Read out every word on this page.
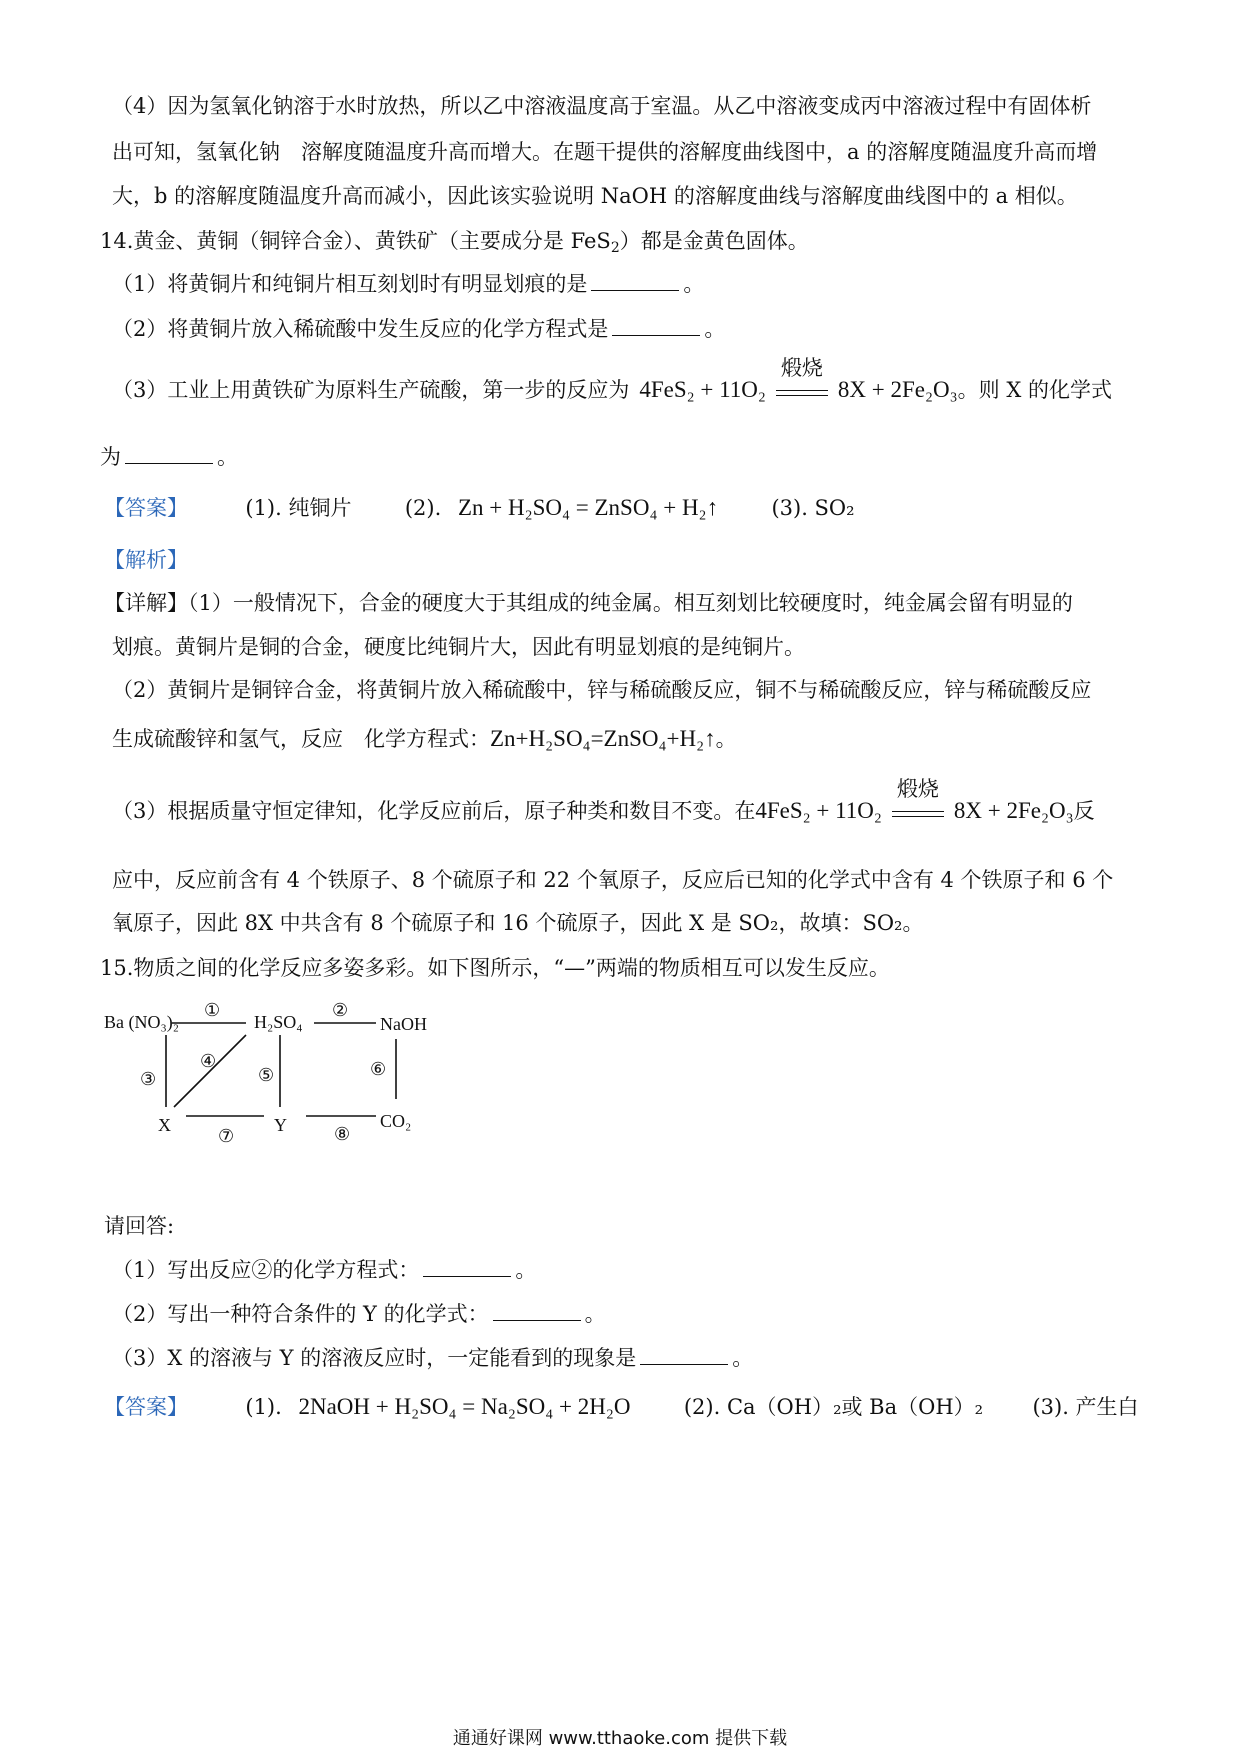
（4）因为氢氧化钠溶于水时放热，所以乙中溶液温度高于室温。从乙中溶液变成丙中溶液过程中有固体析
出可知，氢氧化钠　溶解度随温度升高而增大。在题干提供的溶解度曲线图中，a 的溶解度随温度升高而增
大，b 的溶解度随温度升高而减小，因此该实验说明 NaOH 的溶解度曲线与溶解度曲线图中的 a 相似。
14.黄金、黄铜（铜锌合金）、黄铁矿（主要成分是 FeS$_2$）都是金黄色固体。
（1）将黄铜片和纯铜片相互刻划时有明显划痕的是	。
（2）将黄铜片放入稀硫酸中发生反应的化学方程式是	。
（3）工业上用黄铁矿为原料生产硫酸，第一步的反应为 4FeS₂ + 11O₂
煅烧
8X + 2Fe₂O₃。则 X 的化学式
为	。
【答案】	(1). 纯铜片	(2). Zn + H₂SO₄ = ZnSO₄ + H₂↑	(3). SO₂
【解析】
【详解】（1）一般情况下，合金的硬度大于其组成的纯金属。相互刻划比较硬度时，纯金属会留有明显的
划痕。黄铜片是铜的合金，硬度比纯铜片大，因此有明显划痕的是纯铜片。
（2）黄铜片是铜锌合金，将黄铜片放入稀硫酸中，锌与稀硫酸反应，铜不与稀硫酸反应，锌与稀硫酸反应
生成硫酸锌和氢气，反应　化学方程式：Zn+H₂SO₄=ZnSO₄+H₂↑。
（3）根据质量守恒定律知，化学反应前后，原子种类和数目不变。在4FeS₂ + 11O₂
煅烧
8X + 2Fe₂O₃反
应中，反应前含有 4 个铁原子、8 个硫原子和 22 个氧原子，反应后已知的化学式中含有 4 个铁原子和 6 个
氧原子，因此 8X 中共含有 8 个硫原子和 16 个硫原子，因此 X 是 SO₂，故填：SO₂。
15.物质之间的化学反应多姿多彩。如下图所示，“—”两端的物质相互可以发生反应。
Ba (NO₃)₂	H₂SO₄	NaOH
X	Y	CO₂
①	②
③
④
⑤	⑥
⑦	⑧
请回答:
（1）写出反应②的化学方程式：	。
（2）写出一种符合条件的 Y 的化学式：	。
（3）X 的溶液与 Y 的溶液反应时，一定能看到的现象是	。
【答案】	(1). 2NaOH + H₂SO₄ = Na₂SO₄ + 2H₂O	(2). Ca（OH）₂或 Ba（OH）₂ (3). 产生白
通通好课网 www.tthaoke.com 提供下载
